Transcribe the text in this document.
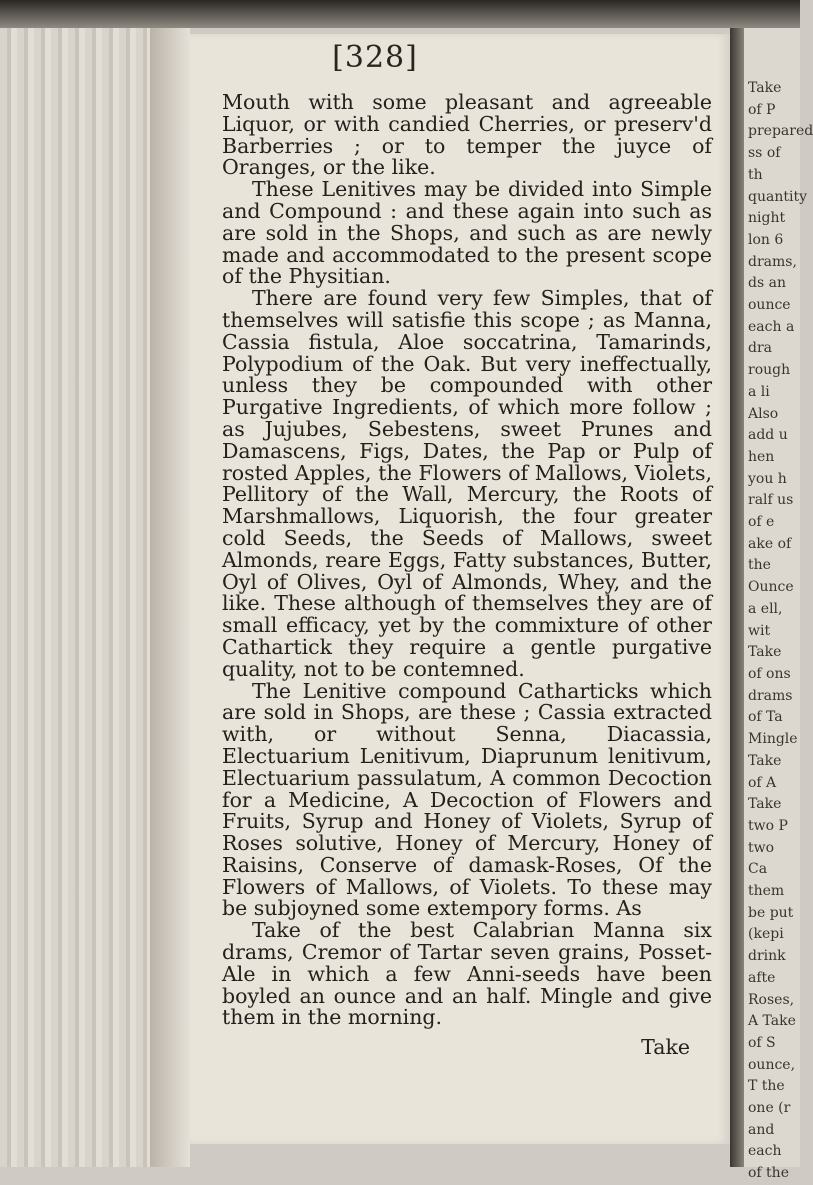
[328]

Mouth with some pleasant and agreeable Liquor, or with candied Cherries, or preserv'd Barberries ; or to temper the juyce of Oranges, or the like.

These Lenitives may be divided into Simple and Compound : and these again into such as are sold in the Shops, and such as are newly made and accommodated to the present scope of the Physitian.

There are found very few Simples, that of themselves will satisfie this scope ; as Manna, Cassia fistula, Aloe soccatrina, Tamarinds, Polypodium of the Oak. But very ineffectually, unless they be compounded with other Purgative Ingredients, of which more follow ; as Jujubes, Sebestens, sweet Prunes and Damascens, Figs, Dates, the Pap or Pulp of rosted Apples, the Flowers of Mallows, Violets, Pellitory of the Wall, Mercury, the Roots of Marshmallows, Liquorish, the four greater cold Seeds, the Seeds of Mallows, sweet Almonds, reare Eggs, Fatty substances, Butter, Oyl of Olives, Oyl of Almonds, Whey, and the like. These although of themselves they are of small efficacy, yet by the commixture of other Cathartick they require a gentle purgative quality, not to be contemned.

The Lenitive compound Catharticks which are sold in Shops, are these ; Cassia extracted with, or without Senna, Diacassia, Electuarium Lenitivum, Diaprunum lenitivum, Electuarium passulatum, A common Decoction for a Medicine, A Decoction of Flowers and Fruits, Syrup and Honey of Violets, Syrup of Roses solutive, Honey of Mercury, Honey of Raisins, Conserve of damask-Roses, Of the Flowers of Mallows, of Violets. To these may be subjoyned some extempory forms. As

Take of the best Calabrian Manna six drams, Cremor of Tartar seven grains, Posset-Ale in which a few Anni-seeds have been boyled an ounce and an half. Mingle and give them in the morning.

Take

Take of P prepared ss of th quantity night lon 6 drams, ds an ounce each a dra rough a li Also add u hen you h ralf us of e ake of the Ounce a ell, wit Take of ons drams of Ta Mingle Take of A Take two P two Ca them be put (kepi drink afte Roses, A Take of S ounce, T the one (r and each of the
